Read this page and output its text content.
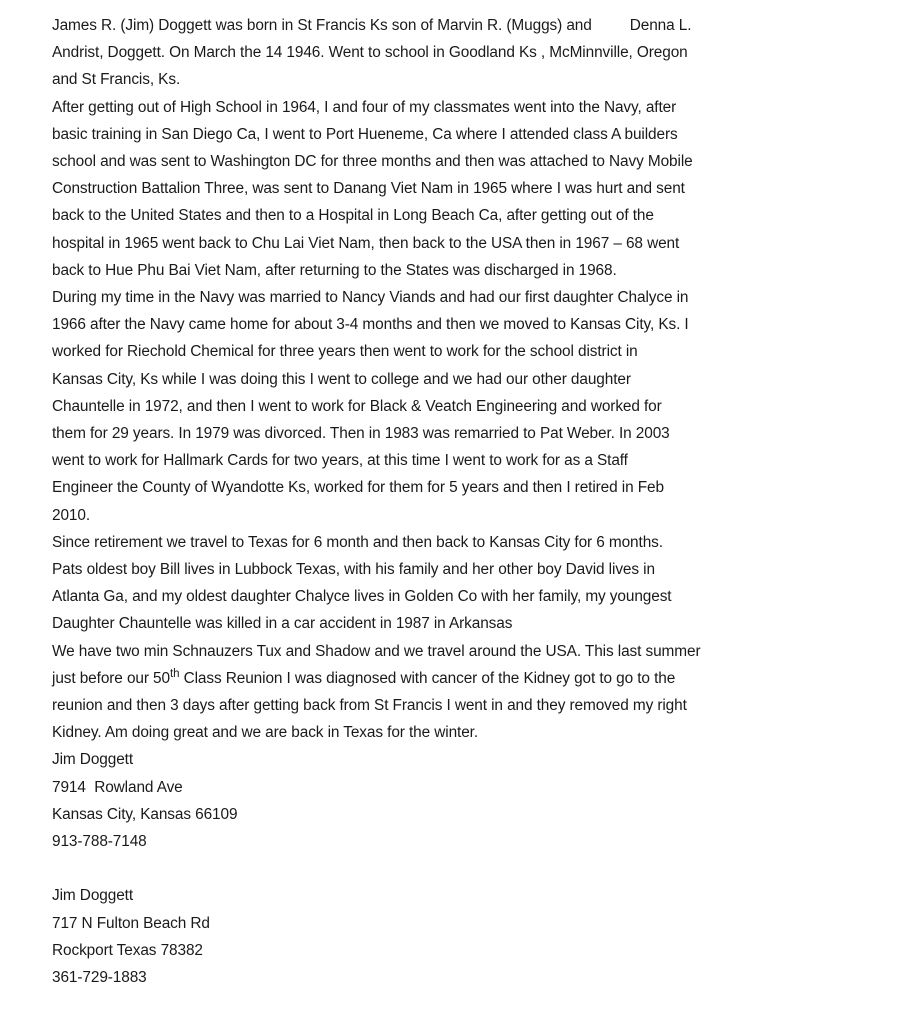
James R. (Jim) Doggett was born in St Francis Ks son of Marvin R. (Muggs) and Denna L.
Andrist, Doggett. On March the 14 1946. Went to school in Goodland Ks , McMinnville, Oregon
and St Francis, Ks.

After getting out of High School in 1964, I and four of my classmates went into the Navy, after
basic training in San Diego Ca, I went to Port Hueneme, Ca where I attended class A builders
school and was sent to Washington DC for three months and then was attached to Navy Mobile
Construction Battalion Three, was sent to Danang Viet Nam in 1965 where I was hurt and sent
back to the United States and then to a Hospital in Long Beach Ca, after getting out of the
hospital in 1965 went back to Chu Lai Viet Nam, then back to the USA then in 1967 – 68 went
back to Hue Phu Bai Viet Nam, after returning to the States was discharged in 1968.

During my time in the Navy was married to Nancy Viands and had our first daughter Chalyce in
1966 after the Navy came home for about 3-4 months and then we moved to Kansas City, Ks. I
worked for Riechold Chemical for three years then went to work for the school district in
Kansas City, Ks while I was doing this I went to college and we had our other daughter
Chauntelle in 1972, and then I went to work for Black & Veatch Engineering and worked for
them for 29 years. In 1979 was divorced. Then in 1983 was remarried to Pat Weber. In 2003
went to work for Hallmark Cards for two years, at this time I went to work for as a Staff
Engineer the County of Wyandotte Ks, worked for them for 5 years and then I retired in Feb
2010.

Since retirement we travel to Texas for 6 month and then back to Kansas City for 6 months.
Pats oldest boy Bill lives in Lubbock Texas, with his family and her other boy David lives in
Atlanta Ga, and my oldest daughter Chalyce lives in Golden Co with her family, my youngest
Daughter Chauntelle was killed in a car accident in 1987 in Arkansas

We have two min Schnauzers Tux and Shadow and we travel around the USA. This last summer
just before our 50th Class Reunion I was diagnosed with cancer of the Kidney got to go to the
reunion and then 3 days after getting back from St Francis I went in and they removed my right
Kidney. Am doing great and we are back in Texas for the winter.

Jim Doggett
7914  Rowland Ave
Kansas City, Kansas 66109
913-788-7148
Jim Doggett
717 N Fulton Beach Rd
Rockport Texas 78382
361-729-1883
